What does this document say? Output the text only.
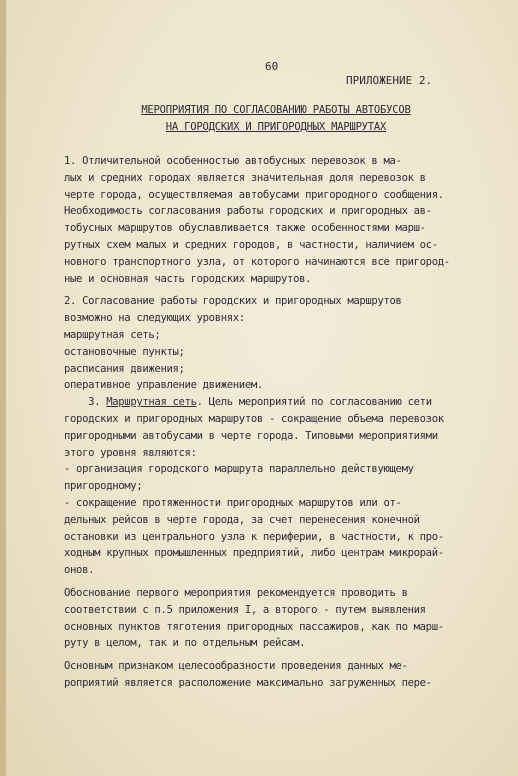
60
ПРИЛОЖЕНИЕ 2.
МЕРОПРИЯТИЯ ПО СОГЛАСОВАНИЮ РАБОТЫ АВТОБУСОВ
НА ГОРОДСКИХ И ПРИГОРОДНЫХ МАРШРУТАХ
1. Отличительной особенностью автобусных перевозок в ма-
лых и средних городах является значительная доля перевозок в
черте города, осуществляемая автобусами пригородного сообщения.
Необходимость согласования работы городских и пригородных ав-
тобусных маршрутов обуславливается также особенностями марш-
рутных схем малых и средних городов, в частности, наличием ос-
новного транспортного узла, от которого начинаются все пригород-
ные и основная часть городских маршрутов.
2. Согласование работы городских и пригородных маршрутов
возможно на следующих уровнях:
маршрутная сеть;
остановочные пункты;
расписания движения;
оперативное управление движением.
3. Маршрутная сеть. Цель мероприятий по согласованию сети
городских и пригородных маршрутов - сокращение объема перевозок
пригородными автобусами в черте города. Типовыми мероприятиями
этого уровня являются:
- организация городского маршрута параллельно действующему
пригородному;
- сокращение протяженности пригородных маршрутов или от-
дельных рейсов в черте города, за счет перенесения конечной
остановки из центрального узла к периферии, в частности, к про-
ходным крупных промышленных предприятий, либо центрам микрорай-
онов.
Обоснование первого мероприятия рекомендуется проводить в
соответствии с п.5 приложения I, а второго - путем выявления
основных пунктов тяготения пригородных пассажиров, как по марш-
руту в целом, так и по отдельным рейсам.
Основным признаком целесообразности проведения данных ме-
роприятий является расположение максимально загруженных пере-
